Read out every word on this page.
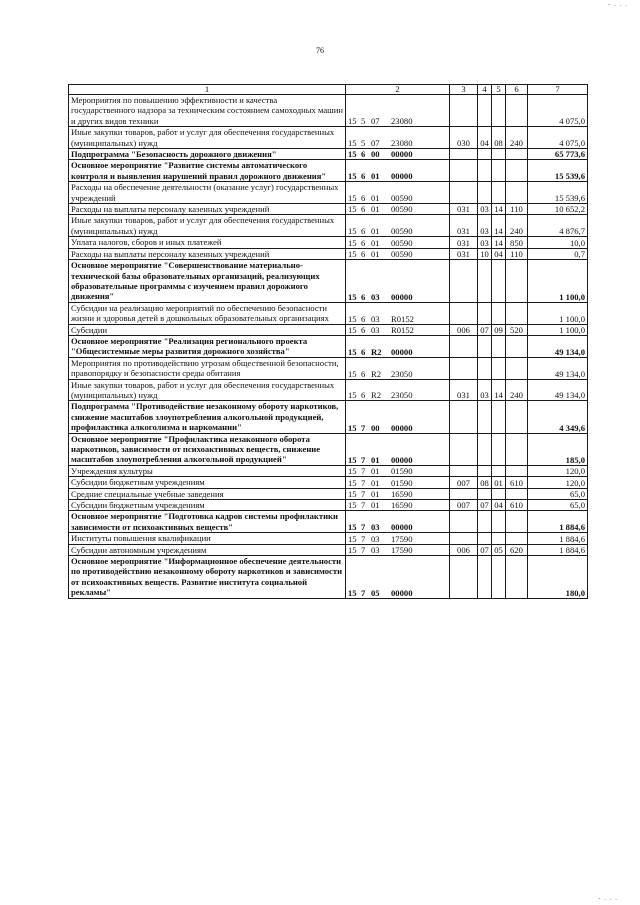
76
- . . .
1	2	3	4	5	6	7
Мероприятия по повышению эффективности и качества государственного надзора за техническим состоянием самоходных машин и других видов техники	15 5 07 23080					4 075,0
Иные закупки товаров, работ и услуг для обеспечения государственных (муниципальных) нужд	15 5 07 23080	030	04	08	240	4 075,0
Подпрограмма "Безопасность дорожного движения"	15 6 00 00000					65 773,6
Основное мероприятие "Развитие системы автоматического контроля и выявления нарушений правил дорожного движения"	15 6 01 00000					15 539,6
Расходы на обеспечение деятельности (оказание услуг) государственных учреждений	15 6 01 00590					15 539,6
Расходы на выплаты персоналу казенных учреждений	15 6 01 00590	031	03	14	110	10 652,2
Иные закупки товаров, работ и услуг для обеспечения государственных (муниципальных) нужд	15 6 01 00590	031	03	14	240	4 876,7
Уплата налогов, сборов и иных платежей	15 6 01 00590	031	03	14	850	10,0
Расходы на выплаты персоналу казенных учреждений	15 6 01 00590	031	10	04	110	0,7
Основное мероприятие "Совершенствование материально-технической базы образовательных организаций, реализующих образовательные программы с изучением правил дорожного движения"	15 6 03 00000					1 100,0
Субсидии на реализацию мероприятий по обеспечению безопасности жизни и здоровья детей в дошкольных образовательных организациях	15 6 03 R0152					1 100,0
Субсидии	15 6 03 R0152	006	07	09	520	1 100,0
Основное мероприятие "Реализация регионального проекта "Общесистемные меры развития дорожного хозяйства"	15 6 R2 00000					49 134,0
Мероприятия по противодействию угрозам общественной безопасности, правопорядку и безопасности среды обитания	15 6 R2 23050					49 134,0
Иные закупки товаров, работ и услуг для обеспечения государственных (муниципальных) нужд	15 6 R2 23050	031	03	14	240	49 134,0
Подпрограмма "Противодействие незаконному обороту наркотиков, снижение масштабов злоупотребления алкогольной продукцией, профилактика алкоголизма и наркомании"	15 7 00 00000					4 349,6
Основное мероприятие "Профилактика незаконного оборота наркотиков, зависимости от психоактивных веществ, снижение масштабов злоупотребления алкогольной продукцией"	15 7 01 00000					185,0
Учреждения культуры	15 7 01 01590					120,0
Субсидии бюджетным учреждениям	15 7 01 01590	007	08	01	610	120,0
Средние специальные учебные заведения	15 7 01 16590					65,0
Субсидии бюджетным учреждениям	15 7 01 16590	007	07	04	610	65,0
Основное мероприятие "Подготовка кадров системы профилактики зависимости от психоактивных веществ"	15 7 03 00000					1 884,6
Институты повышения квалификации	15 7 03 17590					1 884,6
Субсидии автономным учреждениям	15 7 03 17590	006	07	05	620	1 884,6
Основное мероприятие "Информационное обеспечение деятельности по противодействию незаконному обороту наркотиков и зависимости от психоактивных веществ. Развитие института социальной рекламы"	15 7 05 00000					180,0
- . . .
